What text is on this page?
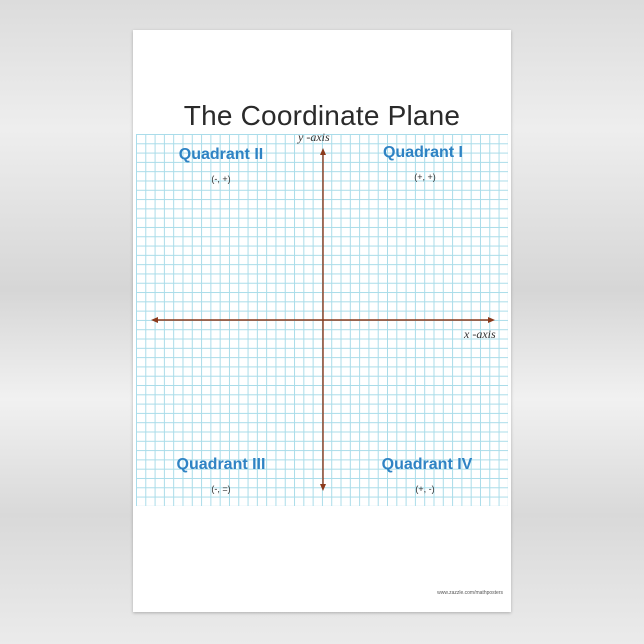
The Coordinate Plane
y -axis
x -axis
Quadrant II
(-, +)
Quadrant I
(+, +)
Quadrant III
(-, =)
Quadrant IV
(+, -)
www.zazzle.com/mathposters
